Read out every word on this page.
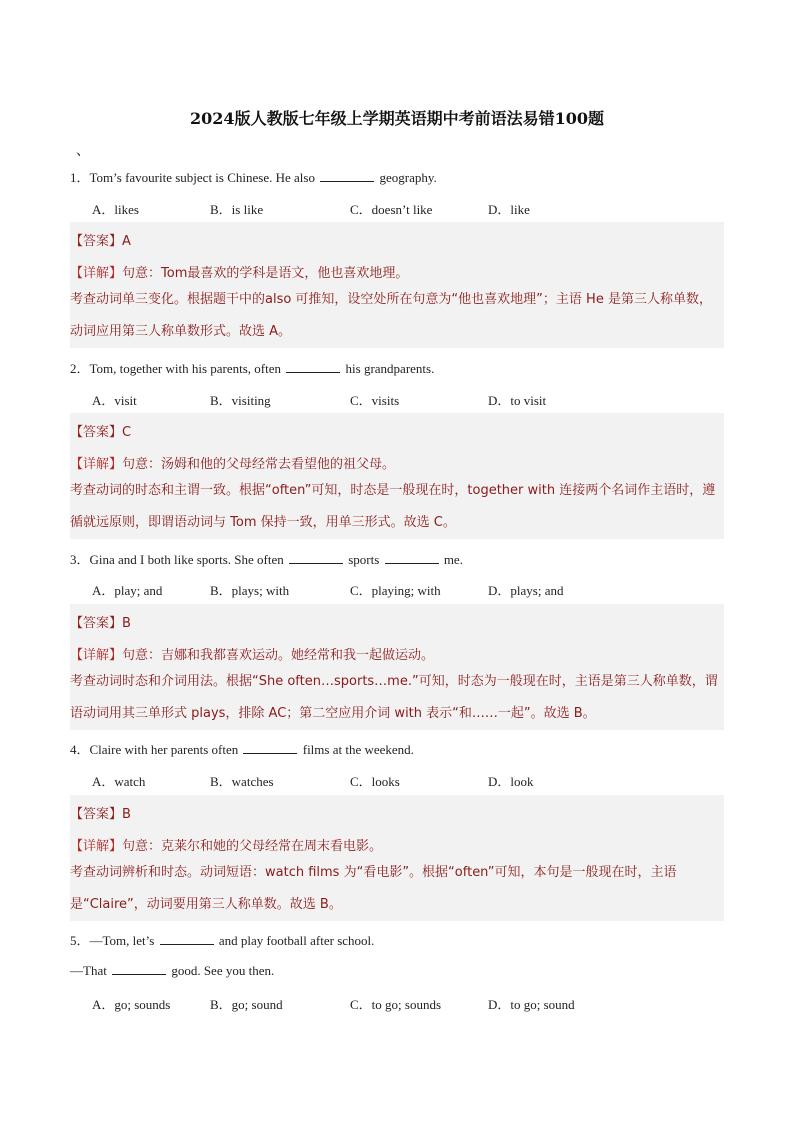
2024版人教版七年级上学期英语期中考前语法易错100题
、
1．Tom’s favourite subject is Chinese. He also	geography.
A．likes	B．is like	C．doesn’t like	D．like
【答案】A
【详解】句意：Tom最喜欢的学科是语文，他也喜欢地理。
考查动词单三变化。根据题干中的also 可推知，设空处所在句意为“他也喜欢地理”；主语 He 是第三人称单数，动词应用第三人称单数形式。故选 A。
2．Tom, together with his parents, often	his grandparents.
A．visit	B．visiting	C．visits	D．to visit
【答案】C
【详解】句意：汤姆和他的父母经常去看望他的祖父母。
考查动词的时态和主谓一致。根据“often”可知，时态是一般现在时，together with 连接两个名词作主语时，遵循就远原则，即谓语动词与 Tom 保持一致，用单三形式。故选 C。
3．Gina and I both like sports. She often	sports	me.
A．play; and	B．plays; with	C．playing; with	D．plays; and
【答案】B
【详解】句意：吉娜和我都喜欢运动。她经常和我一起做运动。
考查动词时态和介词用法。根据“She often…sports…me.”可知，时态为一般现在时，主语是第三人称单数，谓语动词用其三单形式 plays，排除 AC；第二空应用介词 with 表示“和……一起”。故选 B。
4．Claire with her parents often	films at the weekend.
A．watch	B．watches	C．looks	D．look
【答案】B
【详解】句意：克莱尔和她的父母经常在周末看电影。
考查动词辨析和时态。动词短语：watch films 为“看电影”。根据“often”可知，本句是一般现在时，主语是“Claire”，动词要用第三人称单数。故选 B。
5．—Tom, let’s	and play football after school.
—That	good. See you then.
A．go; sounds	B．go; sound	C．to go; sounds	D．to go; sound
